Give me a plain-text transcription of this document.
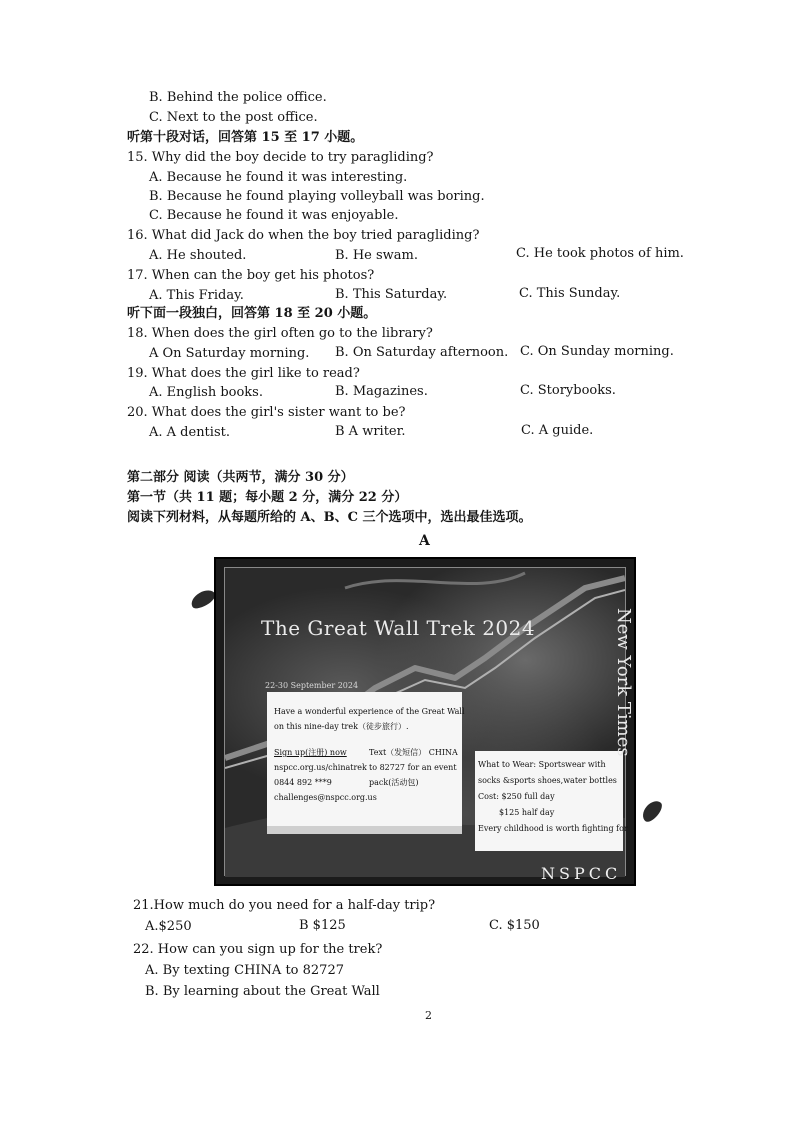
B. Behind the police office.
C. Next to the post office.
听第十段对话，回答第 15 至 17 小题。
15. Why did the boy decide to try paragliding?
A. Because he found it was interesting.
B. Because he found playing volleyball was boring.
C. Because he found it was enjoyable.
16. What did Jack do when the boy tried paragliding?
A. He shouted.	B. He swam.	C. He took photos of him.
17. When can the boy get his photos?
A. This Friday.	B. This Saturday.	C. This Sunday.
听下面一段独白，回答第 18 至 20 小题。
18. When does the girl often go to the library?
A On Saturday morning. B. On Saturday afternoon. C. On Sunday morning.
19. What does the girl like to read?
A. English books.	B. Magazines.	C. Storybooks.
20. What does the girl's sister want to be?
A. A dentist.	B A writer.	C. A guide.
第二部分 阅读（共两节，满分 30 分）
第一节（共 11 题；每小题 2 分，满分 22 分）
阅读下列材料，从每题所给的 A、B、C 三个选项中，选出最佳选项。
A
The Great Wall Trek 2024
22-30 September 2024
Have a wonderful experience of the Great Wall
on this nine-day trek（徒步旅行）.
Sign up(注册) now
nspcc.org.us/chinatrek
0844 892 ***9
challenges@nspcc.org.us
Text（发短信） CHINA
to 82727 for an event
pack(活动包)
What to Wear: Sportswear with
socks &sports shoes,water bottles
Cost: $250 full day
$125 half day
Every childhood is worth fighting for
New York Times
NSPCC
21.How much do you need for a half-day trip?
A.$250	B $125	C. $150
22. How can you sign up for the trek?
A. By texting CHINA to 82727
B. By learning about the Great Wall
2
